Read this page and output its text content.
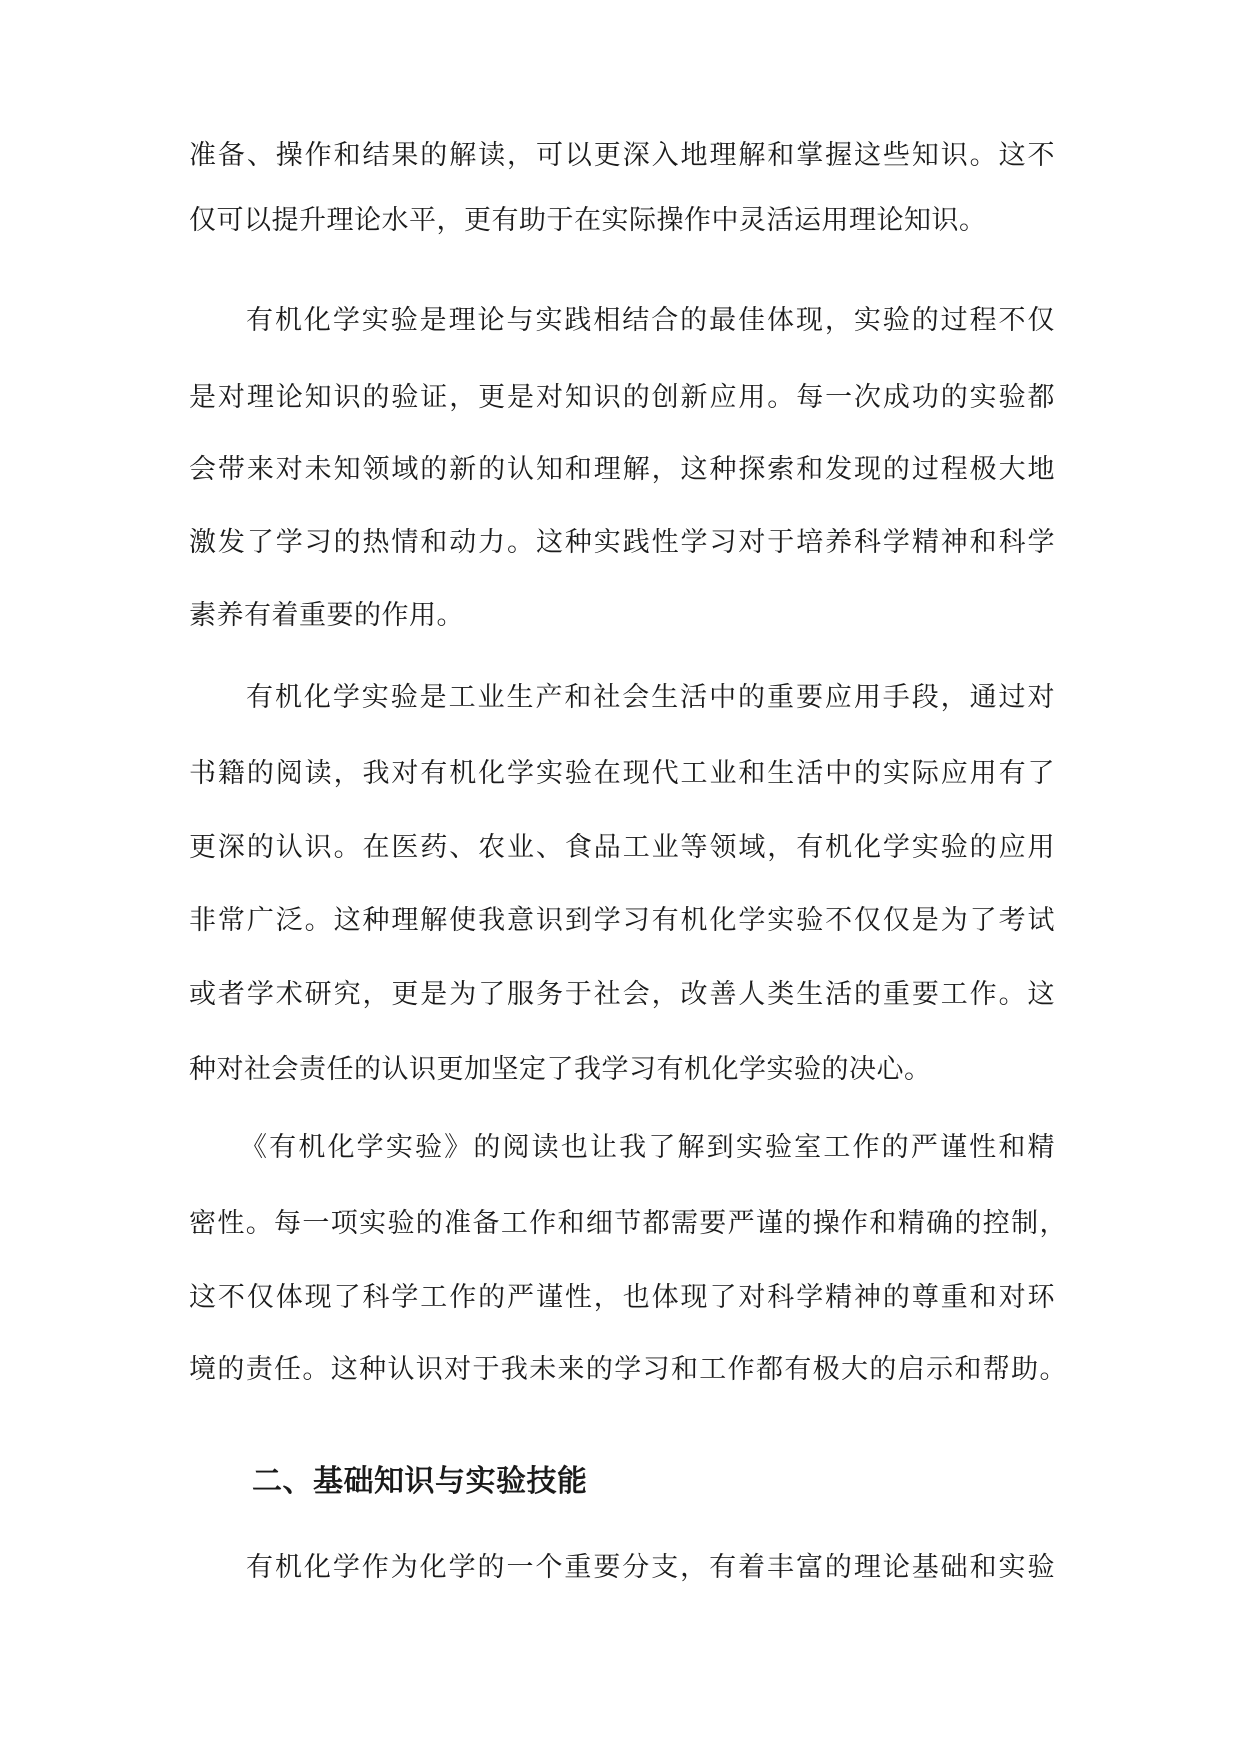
准备、操作和结果的解读，可以更深入地理解和掌握这些知识。这不
仅可以提升理论水平，更有助于在实际操作中灵活运用理论知识。
有机化学实验是理论与实践相结合的最佳体现，实验的过程不仅
是对理论知识的验证，更是对知识的创新应用。每一次成功的实验都
会带来对未知领域的新的认知和理解，这种探索和发现的过程极大地
激发了学习的热情和动力。这种实践性学习对于培养科学精神和科学
素养有着重要的作用。
有机化学实验是工业生产和社会生活中的重要应用手段，通过对
书籍的阅读，我对有机化学实验在现代工业和生活中的实际应用有了
更深的认识。在医药、农业、食品工业等领域，有机化学实验的应用
非常广泛。这种理解使我意识到学习有机化学实验不仅仅是为了考试
或者学术研究，更是为了服务于社会，改善人类生活的重要工作。这
种对社会责任的认识更加坚定了我学习有机化学实验的决心。
《有机化学实验》的阅读也让我了解到实验室工作的严谨性和精
密性。每一项实验的准备工作和细节都需要严谨的操作和精确的控制，
这不仅体现了科学工作的严谨性，也体现了对科学精神的尊重和对环
境的责任。这种认识对于我未来的学习和工作都有极大的启示和帮助。
二、基础知识与实验技能
有机化学作为化学的一个重要分支，有着丰富的理论基础和实验
